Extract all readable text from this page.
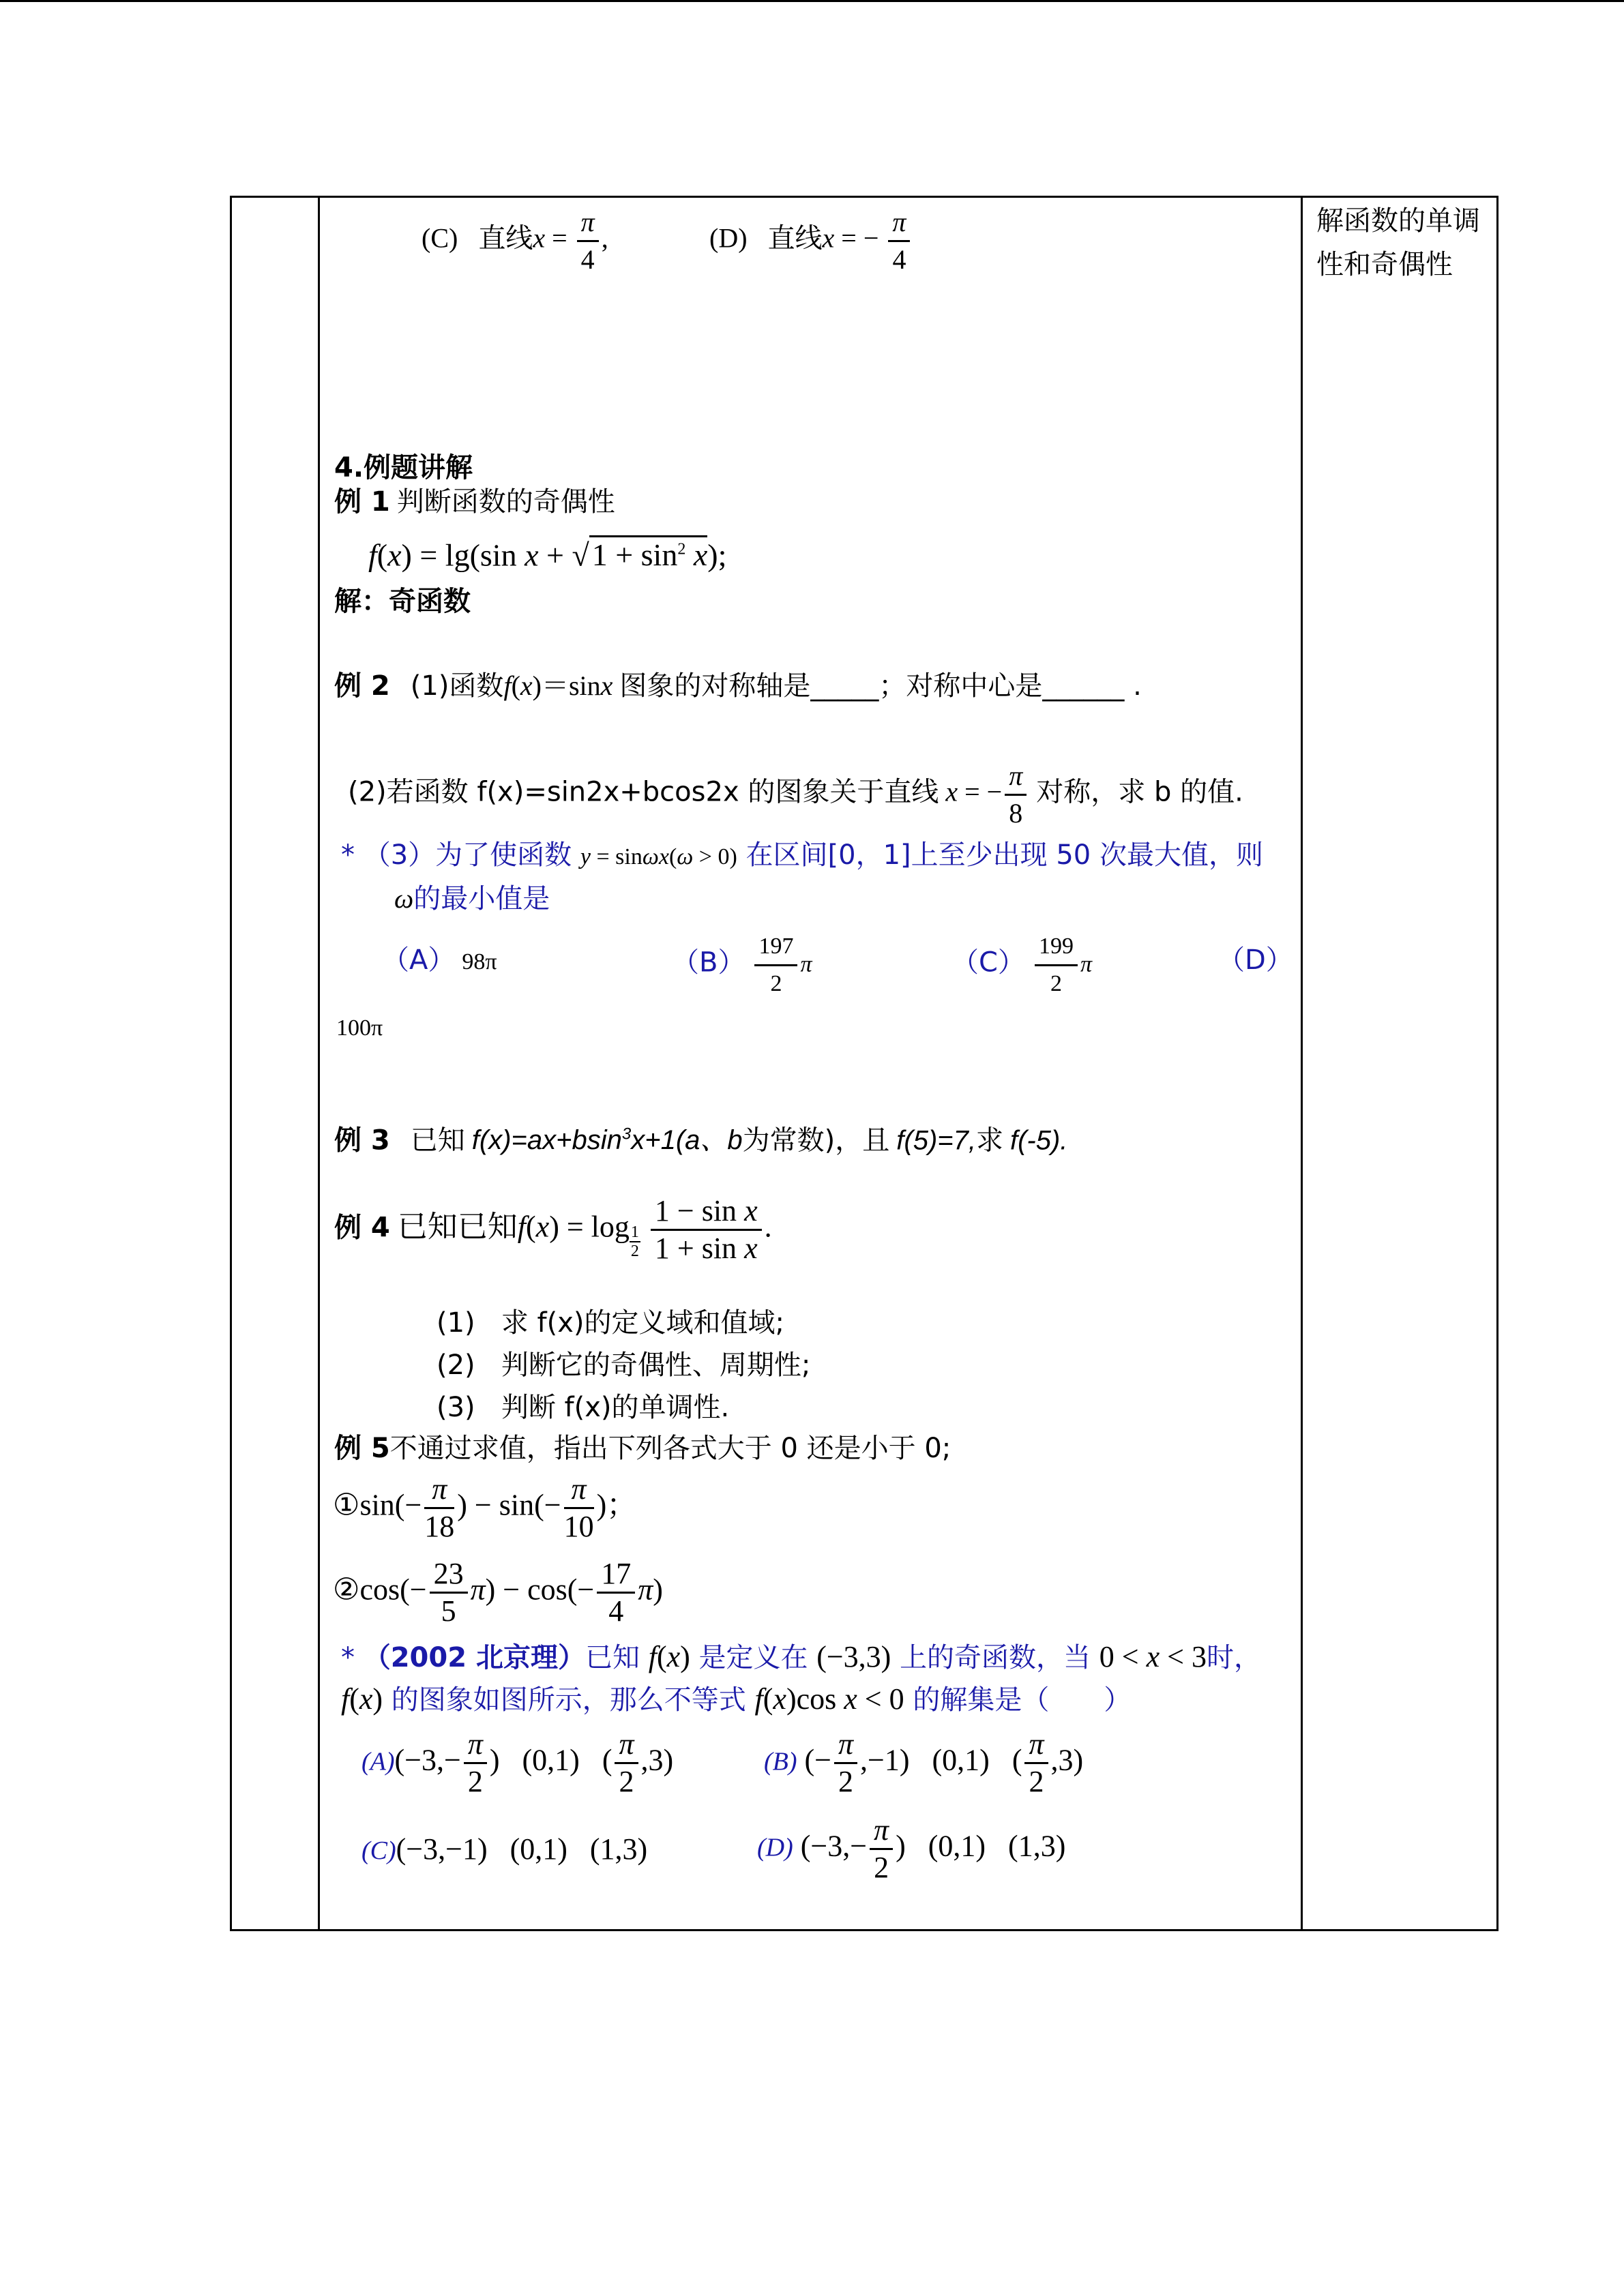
解函数的单调性和奇偶性
(C) 直线$x = \frac{\pi}{4}$ ,	(D) 直线x = − $\frac{\pi}{4}$
4.例题讲解
例 1 判断函数的奇偶性
f(x) = lg(sin $x + √1 + \sin^2 x$);
解：奇函数
例 2 (1)函数f(x)＝sinx 图象的对称轴是_____；对称中心是______ .
(2)若函数 f(x)=sin2x+bcos2x 的图象关于直线 x = − $\frac{\pi}{8}$ 对称，求 b 的值.
* （3）为了使函数 y = sinωx(ω > 0) 在区间[0，1]上至少出现 50 次最大值，则
ω的最小值是
（A） 98π	$(B) \frac{197}{2}$ π	$(C) \frac{199}{2}$ π	（D）
100π
例 3 已知 f(x)=ax+bsin$^3$x+1(a、b为常数)，且 f(5)=7,求 f(-5).
例 4 已知已知$f(x) = \log \frac{1}{2}$
$\frac{\text{1 − sin x}}{\text{1 + sin x}}$ .
(1) 求 f(x)的定义域和值域;
(2) 判断它的奇偶性、周期性;
(3) 判断 f(x)的单调性.
例 5不通过求值，指出下列各式大于 0 还是小于 0;
①sin(− $\frac{\pi}{18}$ ) − $\sin(- \frac{\pi}{10}$ )；
②cos(− $\frac{23}{5} \pi) - \cos(- \frac{17}{4} \pi)$
* （2002 北京理）已知 f(x) 是定义在 (−3,3) 上的奇函数，当 0 < x < 3时，
f(x) 的图象如图所示，那么不等式 f(x)cos x < 0 的解集是（　　）
$(A)(-3,- \frac{\pi}{2}$ )   (0,1)   ( $\frac{\pi}{2} ,3$)	(B) (− $\frac{\pi}{2} ,-1$)   (0,1)   ( $\frac{\pi}{2} ,3$)
(C)(−3,−1)   (0,1)   (1,3)	(D) ($-3,- \frac{\pi}{2}$ )   (0,1)   (1,3)
